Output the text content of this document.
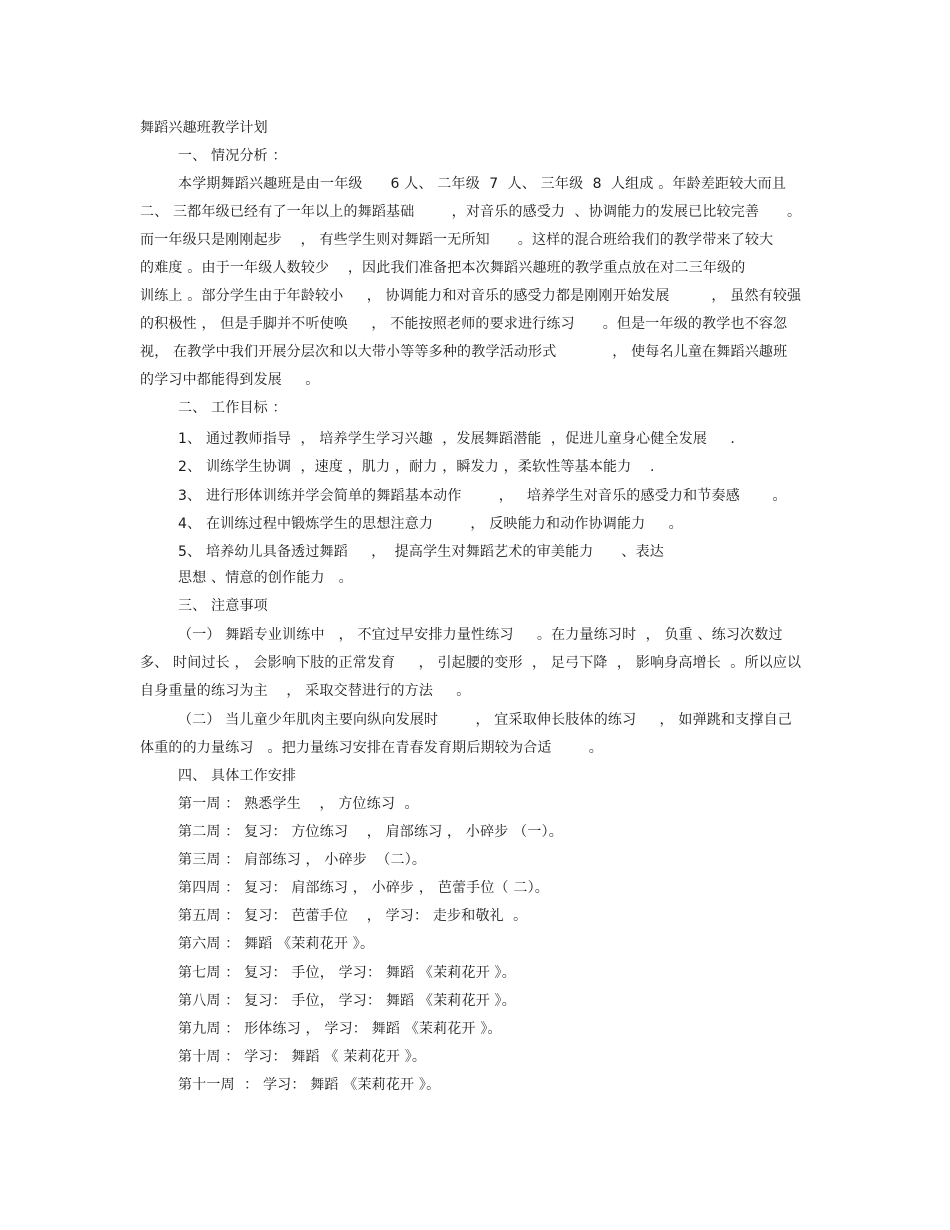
舞蹈兴趣班教学计划
一、 情况分析 ：
本学期舞蹈兴趣班是由一年级      6 人、 二年级  7  人、 三年级  8  人组成 。年龄差距较大而且
二、 三都年级已经有了一年以上的舞蹈基础        ，对音乐的感受力  、协调能力的发展已比较完善      。
而一年级只是刚刚起步    ， 有些学生则对舞蹈一无所知      。这样的混合班给我们的教学带来了较大
的难度 。由于一年级人数较少    ，因此我们准备把本次舞蹈兴趣班的教学重点放在对二三年级的
训练上 。部分学生由于年龄较小     ， 协调能力和对音乐的感受力都是刚刚开始发展         ， 虽然有较强
的积极性 ， 但是手脚并不听使唤     ， 不能按照老师的要求进行练习      。但是一年级的教学也不容忽
视， 在教学中我们开展分层次和以大带小等等多种的教学活动形式            ， 使每名儿童在舞蹈兴趣班
的学习中都能得到发展     。
二、 工作目标 ：
1、 通过教师指导  ， 培养学生学习兴趣  ，发展舞蹈潜能  ，促进儿童身心健全发展     .
2、 训练学生协调  ，速度 ，肌力 ，耐力 ，瞬发力 ，柔软性等基本能力    .
3、 进行形体训练并学会简单的舞蹈基本动作        ，   培养学生对音乐的感受力和节奏感       。
4、 在训练过程中锻炼学生的思想注意力        ， 反映能力和动作协调能力     。
5、 培养幼儿具备透过舞蹈     ，  提高学生对舞蹈艺术的审美能力      、表达
思想 、情意的创作能力   。
三、 注意事项
（一） 舞蹈专业训练中   ， 不宜过早安排力量性练习     。在力量练习时  ， 负重 、练习次数过
多、 时间过长 ， 会影响下肢的正常发育     ， 引起腰的变形  ， 足弓下降  ， 影响身高增长  。所以应以
自身重量的练习为主    ， 采取交替进行的方法     。
（二） 当儿童少年肌肉主要向纵向发展时        ， 宜采取伸长肢体的练习     ， 如弹跳和支撑自己
体重的的力量练习   。把力量练习安排在青春发育期后期较为合适        。
四、 具体工作安排
第一周 ： 熟悉学生    ， 方位练习  。
第二周 ： 复习： 方位练习    ， 肩部练习 ， 小碎步 （一）。
第三周 ： 肩部练习 ， 小碎步  （二）。
第四周 ： 复习： 肩部练习 ， 小碎步 ， 芭蕾手位（ 二）。
第五周 ： 复习： 芭蕾手位    ， 学习： 走步和敬礼  。
第六周 ： 舞蹈 《茉莉花开 》。
第七周 ： 复习： 手位， 学习： 舞蹈 《茉莉花开 》。
第八周 ： 复习： 手位， 学习： 舞蹈 《茉莉花开 》。
第九周 ： 形体练习 ， 学习： 舞蹈 《茉莉花开 》。
第十周 ： 学习： 舞蹈 《 茉莉花开 》。
第十一周  ： 学习： 舞蹈 《茉莉花开 》。
